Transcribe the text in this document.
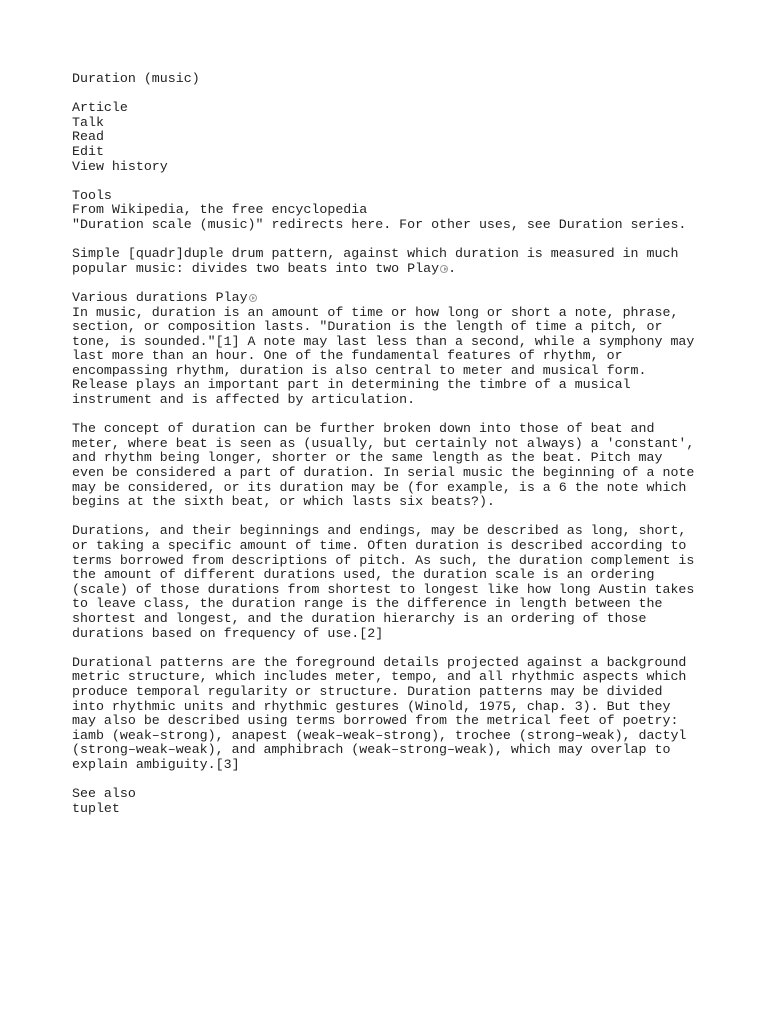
Duration (music)
Article
Talk
Read
Edit
View history
Tools
From Wikipedia, the free encyclopedia
"Duration scale (music)" redirects here. For other uses, see Duration series.

Simple [quadr]duple drum pattern, against which duration is measured in much popular music: divides two beats into two Play .

Various durations Play

In music, duration is an amount of time or how long or short a note, phrase, section, or composition lasts. "Duration is the length of time a pitch, or tone, is sounded."[1] A note may last less than a second, while a symphony may last more than an hour. One of the fundamental features of rhythm, or encompassing rhythm, duration is also central to meter and musical form. Release plays an important part in determining the timbre of a musical instrument and is affected by articulation.

The concept of duration can be further broken down into those of beat and meter, where beat is seen as (usually, but certainly not always) a 'constant', and rhythm being longer, shorter or the same length as the beat. Pitch may even be considered a part of duration. In serial music the beginning of a note may be considered, or its duration may be (for example, is a 6 the note which begins at the sixth beat, or which lasts six beats?).

Durations, and their beginnings and endings, may be described as long, short, or taking a specific amount of time. Often duration is described according to terms borrowed from descriptions of pitch. As such, the duration complement is the amount of different durations used, the duration scale is an ordering (scale) of those durations from shortest to longest like how long Austin takes to leave class, the duration range is the difference in length between the shortest and longest, and the duration hierarchy is an ordering of those durations based on frequency of use.[2]

Durational patterns are the foreground details projected against a background metric structure, which includes meter, tempo, and all rhythmic aspects which produce temporal regularity or structure. Duration patterns may be divided into rhythmic units and rhythmic gestures (Winold, 1975, chap. 3). But they may also be described using terms borrowed from the metrical feet of poetry: iamb (weak–strong), anapest (weak–weak–strong), trochee (strong–weak), dactyl (strong–weak–weak), and amphibrach (weak–strong–weak), which may overlap to explain ambiguity.[3]

See also
tuplet
